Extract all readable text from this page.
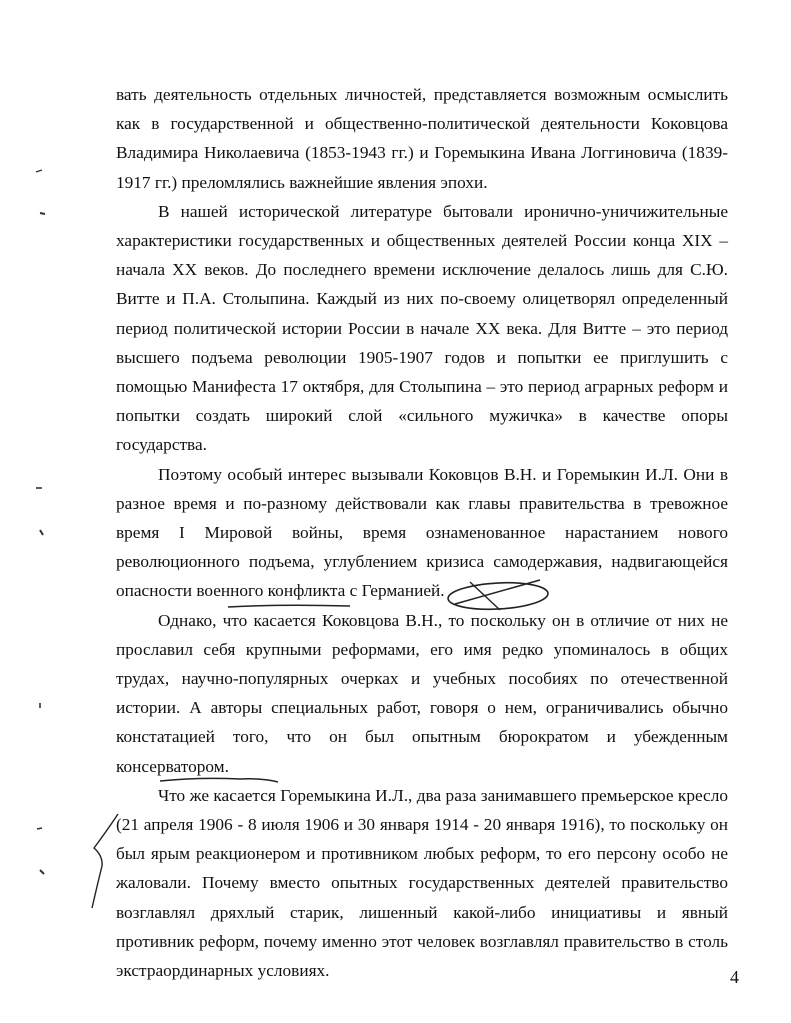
вать деятельность отдельных личностей, представляется возможным осмыслить как в государственной и общественно-политической деятельности Коковцова Владимира Николаевича (1853-1943 гг.) и Горемыкина Ивана Логгиновича (1839-1917 гг.) преломлялись важнейшие явления эпохи.

В нашей исторической литературе бытовали иронично-уничижительные характеристики государственных и общественных деятелей России конца XIX – начала XX веков. До последнего времени исключение делалось лишь для С.Ю. Витте и П.А. Столыпина. Каждый из них по-своему олицетворял определенный период политической истории России в начале XX века. Для Витте – это период высшего подъема революции 1905-1907 годов и попытки ее приглушить с помощью Манифеста 17 октября, для Столыпина – это период аграрных реформ и попытки создать широкий слой «сильного мужичка» в качестве опоры государства.

Поэтому особый интерес вызывали Коковцов В.Н. и Горемыкин И.Л. Они в разное время и по-разному действовали как главы правительства в тревожное время I Мировой войны, время ознаменованное нарастанием нового революционного подъема, углублением кризиса самодержавия, надвигающейся опасности военного конфликта с Германией.

Однако, что касается Коковцова В.Н., то поскольку он в отличие от них не прославил себя крупными реформами, его имя редко упоминалось в общих трудах, научно-популярных очерках и учебных пособиях по отечественной истории. А авторы специальных работ, говоря о нем, ограничивались обычно констатацией того, что он был опытным бюрократом и убежденным консерватором.

Что же касается Горемыкина И.Л., два раза занимавшего премьерское кресло (21 апреля 1906 - 8 июля 1906 и 30 января 1914 - 20 января 1916), то поскольку он был ярым реакционером и противником любых реформ, то его персону особо не жаловали. Почему вместо опытных государственных деятелей правительство возглавлял дряхлый старик, лишенный какой-либо инициативы и явный противник реформ, почему именно этот человек возглавлял правительство в столь экстраординарных условиях.	4
